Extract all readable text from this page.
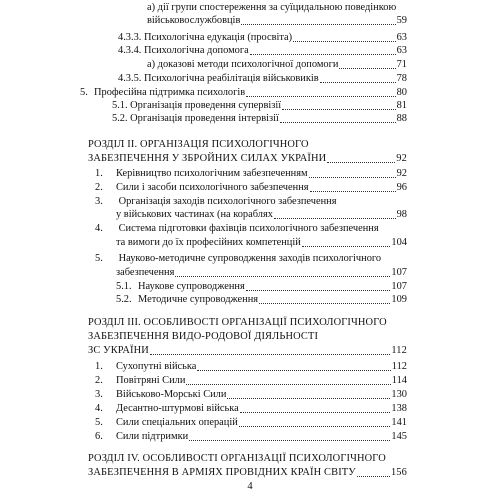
а) дії групи спостереження за суїцидальною поведінкою
військовослужбовців	59
4.3.3. Психологічна едукація (просвіта)	63
4.3.4. Психологічна допомога	63
а) доказові методи психологічної допомоги	71
4.3.5. Психологічна реабілітація військовиків	78
5. Професійна підтримка психологів	80
5.1. Організація проведення супервізії	81
5.2. Організація проведення інтервізії	88
РОЗДІЛ ІІ. ОРГАНІЗАЦІЯ ПСИХОЛОГІЧНОГО
ЗАБЕЗПЕЧЕННЯ У ЗБРОЙНИХ СИЛАХ УКРАЇНИ	92
1.	Керівництво психологічним забезпеченням	92
2.	Сили і засоби психологічного забезпечення	96
3. Організація заходів психологічного забезпечення
у військових частинах (на кораблях	98
4. Система підготовки фахівців психологічного забезпечення
та вимоги до їх професійних компетенцій	104
5. Науково-методичне супроводження заходів психологічного
забезпечення	107
5.1. Наукове супроводження	107
5.2. Методичне супроводження	109
РОЗДІЛ ІІІ. ОСОБЛИВОСТІ ОРГАНІЗАЦІЇ ПСИХОЛОГІЧНОГО
ЗАБЕЗПЕЧЕННЯ ВИДО-РОДОВОЇ ДІЯЛЬНОСТІ
ЗС УКРАЇНИ	112
1.	Сухопутні війська	112
2.	Повітряні Сили	114
3.	Військово-Морські Сили	130
4.	Десантно-штурмові війська	138
5.	Сили спеціальних операцій	141
6.	Сили підтримки	145
РОЗДІЛ IV. ОСОБЛИВОСТІ ОРГАНІЗАЦІЇ ПСИХОЛОГІЧНОГО
ЗАБЕЗПЕЧЕННЯ В АРМІЯХ ПРОВІДНИХ КРАЇН СВІТУ	156
4
